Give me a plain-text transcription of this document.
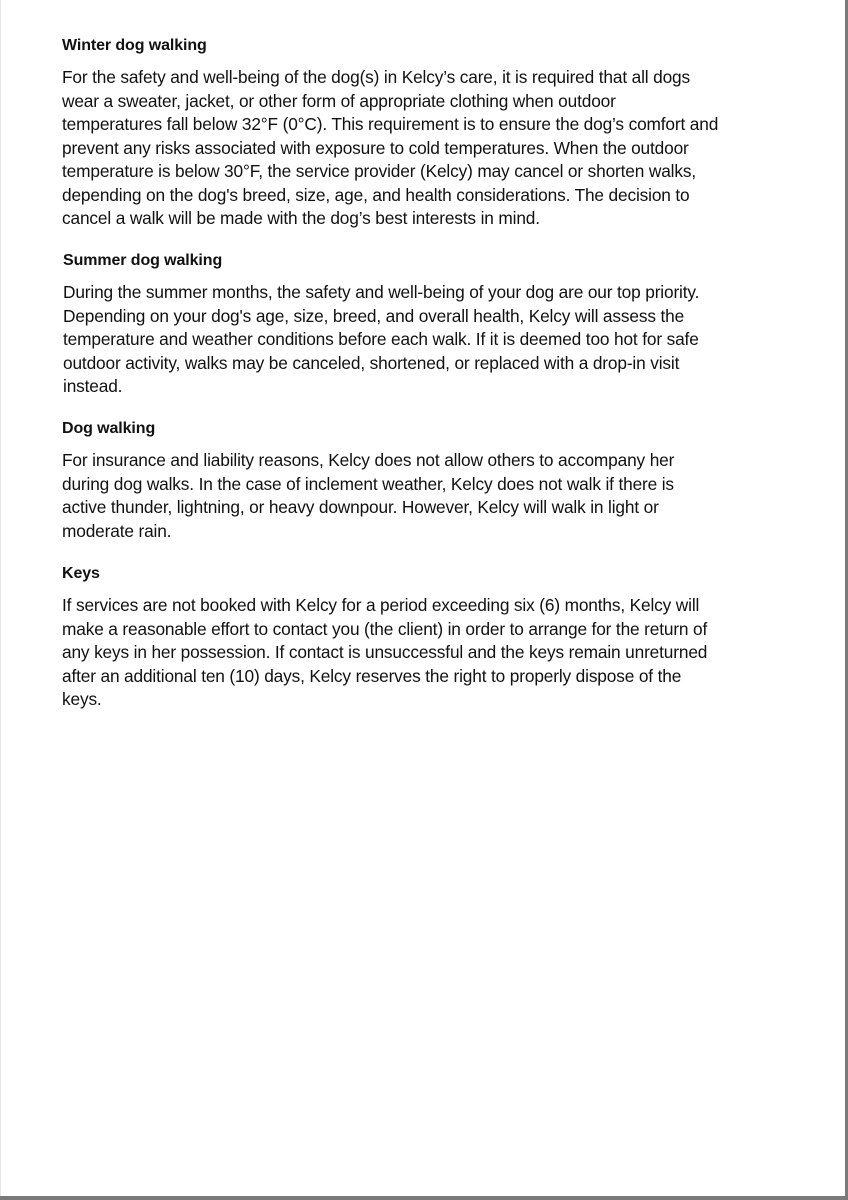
Winter dog walking

For the safety and well-being of the dog(s) in Kelcy’s care, it is required that all dogs
wear a sweater, jacket, or other form of appropriate clothing when outdoor
temperatures fall below 32°F (0°C). This requirement is to ensure the dog’s comfort and
prevent any risks associated with exposure to cold temperatures. When the outdoor
temperature is below 30°F, the service provider (Kelcy) may cancel or shorten walks,
depending on the dog's breed, size, age, and health considerations. The decision to
cancel a walk will be made with the dog’s best interests in mind.

Summer dog walking

During the summer months, the safety and well-being of your dog are our top priority.
Depending on your dog's age, size, breed, and overall health, Kelcy will assess the
temperature and weather conditions before each walk. If it is deemed too hot for safe
outdoor activity, walks may be canceled, shortened, or replaced with a drop-in visit
instead.

Dog walking

For insurance and liability reasons, Kelcy does not allow others to accompany her
during dog walks. In the case of inclement weather, Kelcy does not walk if there is
active thunder, lightning, or heavy downpour. However, Kelcy will walk in light or
moderate rain.

Keys

If services are not booked with Kelcy for a period exceeding six (6) months, Kelcy will
make a reasonable effort to contact you (the client) in order to arrange for the return of
any keys in her possession. If contact is unsuccessful and the keys remain unreturned
after an additional ten (10) days, Kelcy reserves the right to properly dispose of the
keys.
